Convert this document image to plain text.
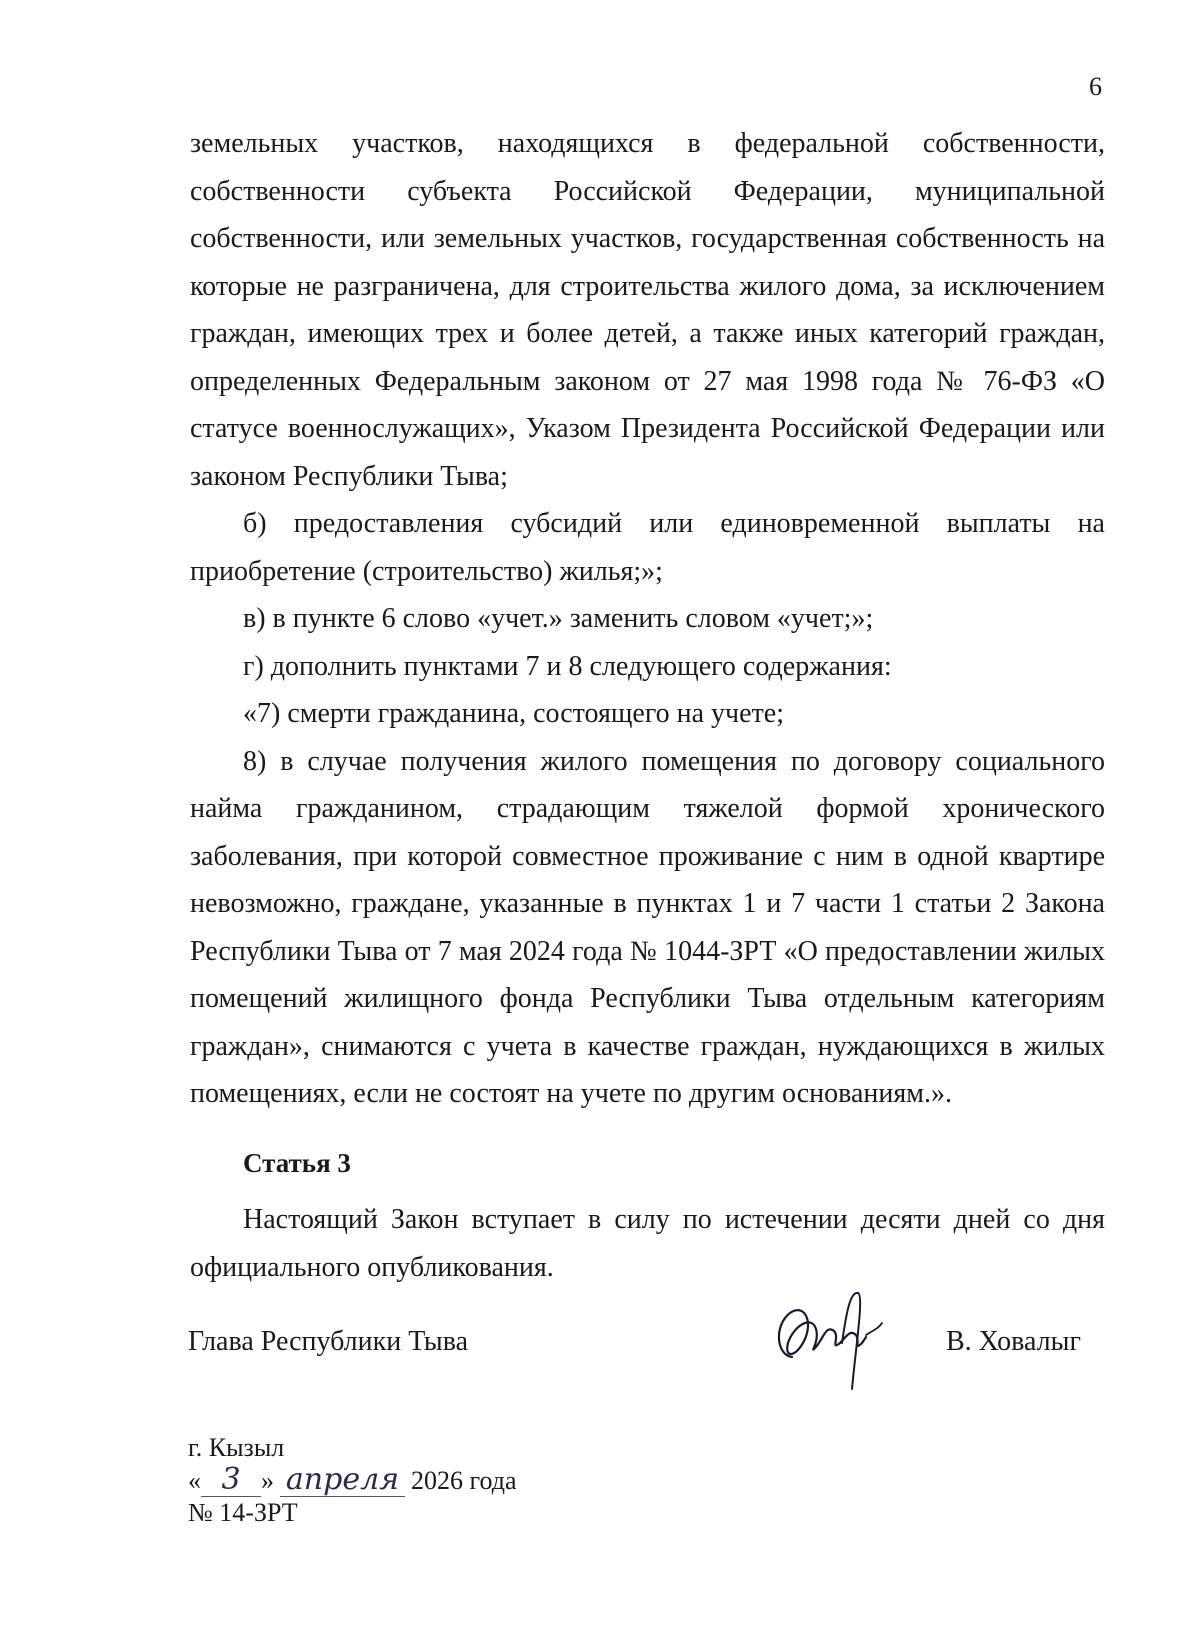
6

земельных участков, находящихся в федеральной собственности, собственности субъекта Российской Федерации, муниципальной собственности, или земельных участков, государственная собственность на которые не разграничена, для строительства жилого дома, за исключением граждан, имеющих трех и более детей, а также иных категорий граждан, определенных Федеральным законом от 27 мая 1998 года № 76-ФЗ «О статусе военнослужащих», Указом Президента Российской Федерации или законом Республики Тыва;

б) предоставления субсидий или единовременной выплаты на приобретение (строительство) жилья;»;

в) в пункте 6 слово «учет.» заменить словом «учет;»;

г) дополнить пунктами 7 и 8 следующего содержания:

«7) смерти гражданина, состоящего на учете;

8) в случае получения жилого помещения по договору социального найма гражданином, страдающим тяжелой формой хронического заболевания, при которой совместное проживание с ним в одной квартире невозможно, граждане, указанные в пунктах 1 и 7 части 1 статьи 2 Закона Республики Тыва от 7 мая 2024 года № 1044-ЗРТ «О предоставлении жилых помещений жилищного фонда Республики Тыва отдельным категориям граждан», снимаются с учета в качестве граждан, нуждающихся в жилых помещениях, если не состоят на учете по другим основаниям.».

Статья 3

Настоящий Закон вступает в силу по истечении десяти дней со дня официального опубликования.

Глава Республики Тыва	В. Ховалыг
г. Кызыл
« 3 » апреля 2026 года
№ 14-ЗРТ
